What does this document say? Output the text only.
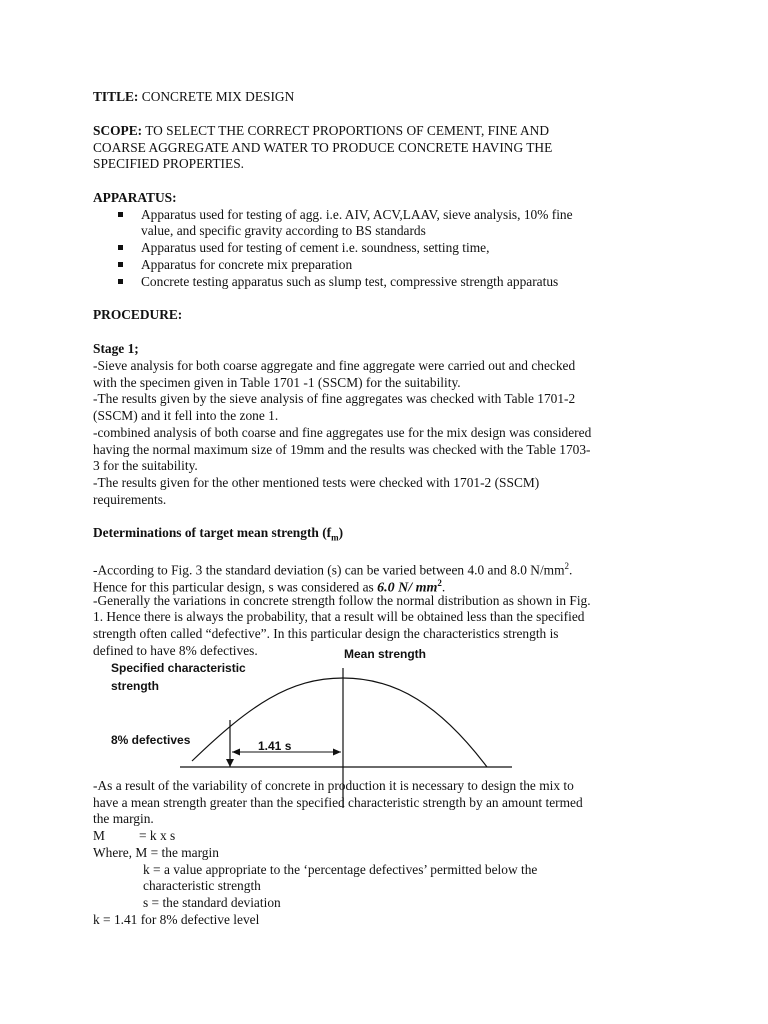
TITLE: CONCRETE MIX DESIGN
SCOPE: TO SELECT THE CORRECT PROPORTIONS OF CEMENT, FINE AND
COARSE AGGREGATE AND WATER TO PRODUCE CONCRETE HAVING THE
SPECIFIED PROPERTIES.
APPARATUS:
Apparatus used for testing of agg. i.e. AIV, ACV,LAAV, sieve analysis, 10% fine
value, and specific gravity according to BS standards
Apparatus used for testing of cement i.e. soundness, setting time,
Apparatus for concrete mix preparation
Concrete testing apparatus such as slump test, compressive strength apparatus
PROCEDURE:
Stage 1;
-Sieve analysis for both coarse aggregate and fine aggregate were carried out and checked
with the specimen given in Table 1701 -1 (SSCM) for the suitability.
-The results given by the sieve analysis of fine aggregates was checked with Table 1701-2
(SSCM) and it fell into the zone 1.
-combined analysis of both coarse and fine aggregates use for the mix design was considered
having the normal maximum size of 19mm and the results was checked with the Table 1703-
3 for the suitability.
-The results given for the other mentioned tests were checked with 1701-2 (SSCM)
requirements.
Determinations of target mean strength $(f_m)$
-According to Fig. 3 the standard deviation (s) can be varied between 4.0 and 8.0 $N/mm^2$.
Hence for this particular design, s was considered as 6.0 N/ $mm^2$.
-Generally the variations in concrete strength follow the normal distribution as shown in Fig.
1. Hence there is always the probability, that a result will be obtained less than the specified
strength often called “defective”. In this particular design the characteristics strength is
defined to have 8% defectives.	Mean strength
Specified characteristic
strength
8% defectives	1.41 s
-As a result of the variability of concrete in production it is necessary to design the mix to
have a mean strength greater than the specified characteristic strength by an amount termed
the margin.
M	= k x s
Where, M = the margin
k = a value appropriate to the ‘percentage defectives’ permitted below the
characteristic strength
s = the standard deviation
k = 1.41 for 8% defective level
